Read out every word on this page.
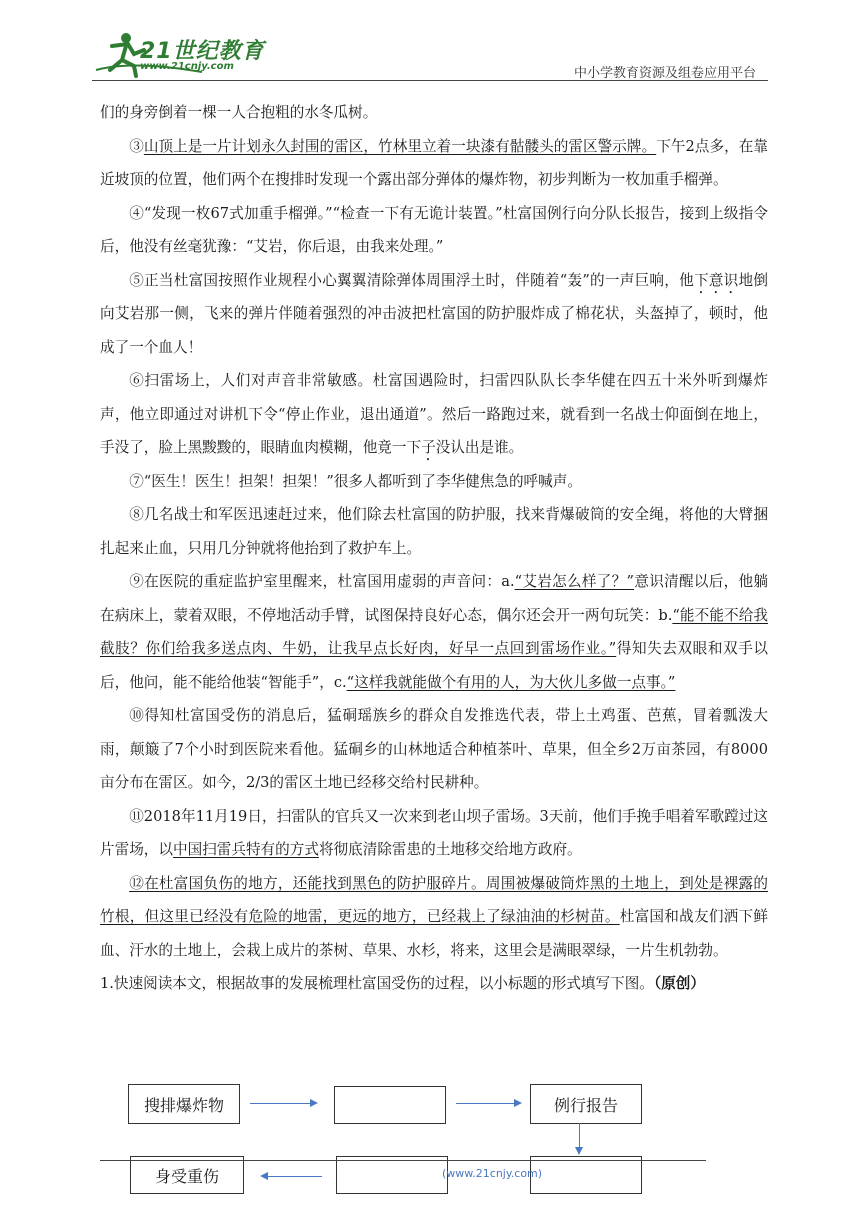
21世纪教育
www.21cnjy.com	中小学教育资源及组卷应用平台

们的身旁倒着一棵一人合抱粗的水冬瓜树。

③山顶上是一片计划永久封围的雷区，竹林里立着一块漆有骷髅头的雷区警示牌。下午2点多，在靠近坡顶的位置，他们两个在搜排时发现一个露出部分弹体的爆炸物，初步判断为一枚加重手榴弹。

④“发现一枚67式加重手榴弹。”“检查一下有无诡计装置。”杜富国例行向分队长报告，接到上级指令后，他没有丝毫犹豫：“艾岩，你后退，由我来处理。”

⑤正当杜富国按照作业规程小心翼翼清除弹体周围浮土时，伴随着“轰”的一声巨响，他下意识地倒向艾岩那一侧，飞来的弹片伴随着强烈的冲击波把杜富国的防护服炸成了棉花状，头盔掉了，顿时，他成了一个血人！

⑥扫雷场上，人们对声音非常敏感。杜富国遇险时，扫雷四队队长李华健在四五十米外听到爆炸声，他立即通过对讲机下令“停止作业，退出通道”。然后一路跑过来，就看到一名战士仰面倒在地上，手没了，脸上黑黢黢的，眼睛血肉模糊，他竟一下子没认出是谁。

⑦“医生！医生！担架！担架！”很多人都听到了李华健焦急的呼喊声。

⑧几名战士和军医迅速赶过来，他们除去杜富国的防护服，找来背爆破筒的安全绳，将他的大臂捆扎起来止血，只用几分钟就将他抬到了救护车上。

⑨在医院的重症监护室里醒来，杜富国用虚弱的声音问：a.“艾岩怎么样了？”意识清醒以后，他躺在病床上，蒙着双眼，不停地活动手臂，试图保持良好心态，偶尔还会开一两句玩笑：b.“能不能不给我截肢？你们给我多送点肉、牛奶，让我早点长好肉，好早一点回到雷场作业。”得知失去双眼和双手以后，他问，能不能给他装“智能手”，c.“这样我就能做个有用的人，为大伙儿多做一点事。”

⑩得知杜富国受伤的消息后，猛硐瑶族乡的群众自发推选代表，带上土鸡蛋、芭蕉，冒着瓢泼大雨，颠簸了7个小时到医院来看他。猛硐乡的山林地适合种植茶叶、草果，但全乡2万亩茶园，有8000亩分布在雷区。如今，2/3的雷区土地已经移交给村民耕种。

⑪2018年11月19日，扫雷队的官兵又一次来到老山坝子雷场。3天前，他们手挽手唱着军歌蹚过这片雷场，以中国扫雷兵特有的方式将彻底清除雷患的土地移交给地方政府。

⑫在杜富国负伤的地方，还能找到黑色的防护服碎片。周围被爆破筒炸黑的土地上，到处是裸露的竹根，但这里已经没有危险的地雷，更远的地方，已经栽上了绿油油的杉树苗。杜富国和战友们洒下鲜血、汗水的土地上，会栽上成片的茶树、草果、水杉，将来，这里会是满眼翠绿，一片生机勃勃。

1.快速阅读本文，根据故事的发展梳理杜富国受伤的过程，以小标题的形式填写下图。（原创）

搜排爆炸物	例行报告
身受重伤	(www.21cnjy.com)
